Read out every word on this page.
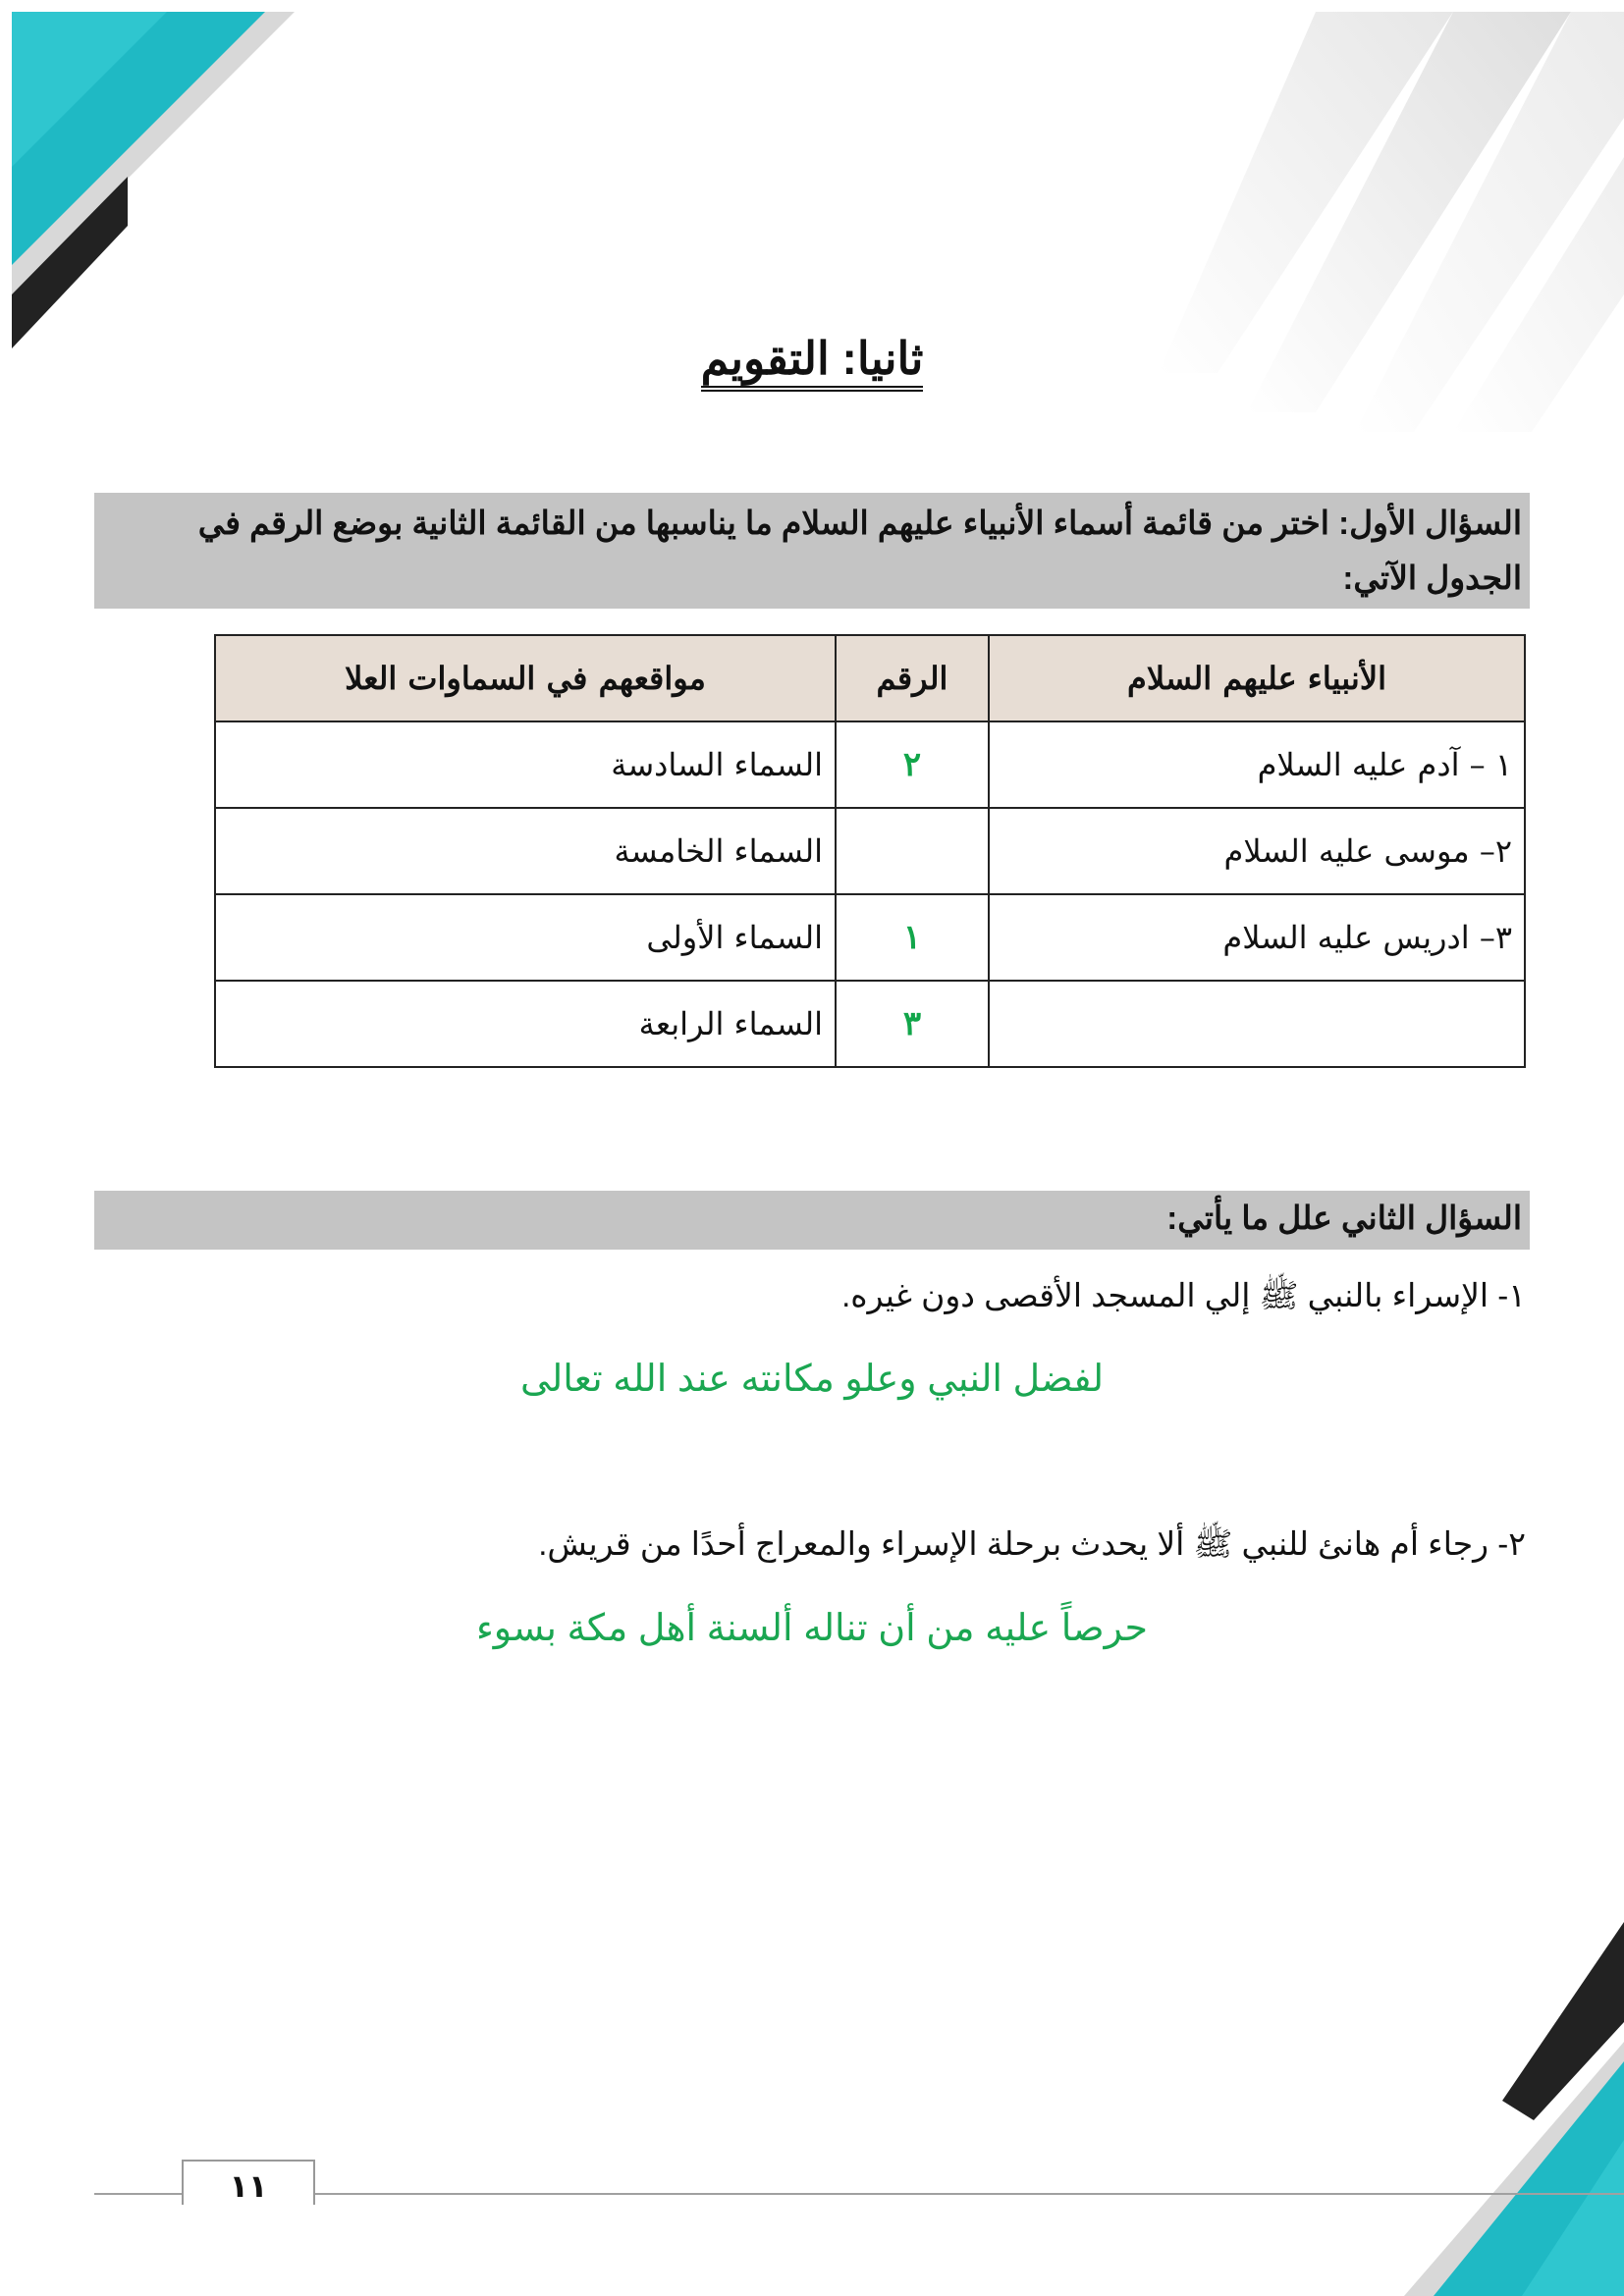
ثانيا: التقويم
السؤال الأول: اختر من قائمة أسماء الأنبياء عليهم السلام ما يناسبها من القائمة الثانية بوضع الرقم في الجدول الآتي:
الأنبياء عليهم السلام	الرقم	مواقعهم في السماوات العلا
١ – آدم عليه السلام	٢	السماء السادسة
٢– موسى عليه السلام		السماء الخامسة
٣– ادريس عليه السلام	١	السماء الأولى
	٣	السماء الرابعة
السؤال الثاني علل ما يأتي:
١- الإسراء بالنبي ﷺ إلي المسجد الأقصى دون غيره.
لفضل النبي وعلو مكانته عند الله تعالى
٢- رجاء أم هانئ للنبي ﷺ ألا يحدث برحلة الإسراء والمعراج أحدًا من قريش.
حرصاً عليه من أن تناله ألسنة أهل مكة بسوء
١١
